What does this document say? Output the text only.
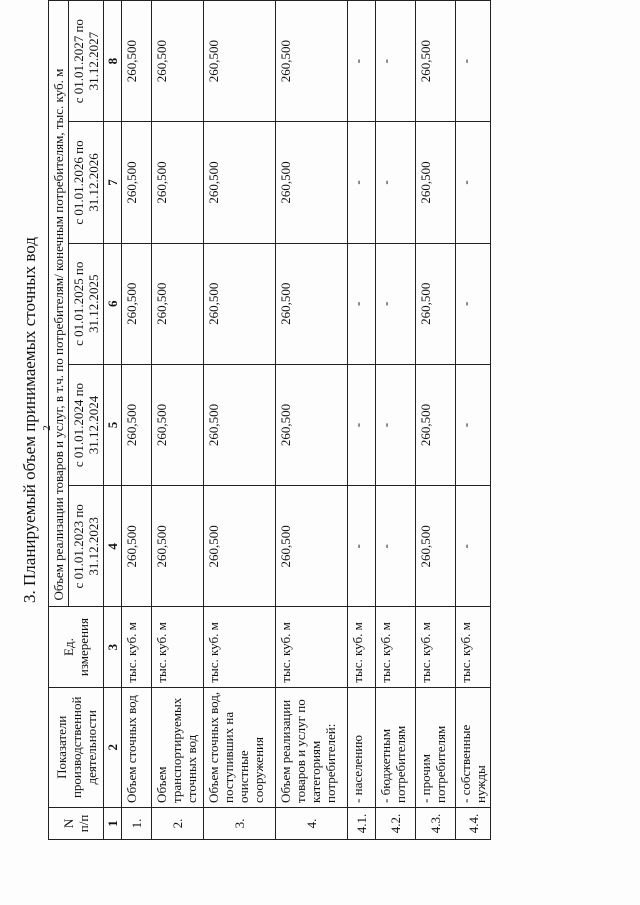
2
3. Планируемый объем принимаемых сточных вод
N п/п	Показатели производственной деятельности	Ед. измерения	Объем реализации товаров и услуг, в т.ч. по потребителям/ конечным потребителям, тыс. куб. м				
			с 01.01.2023 по 31.12.2023	с 01.01.2024 по 31.12.2024	с 01.01.2025 по 31.12.2025	с 01.01.2026 по 31.12.2026	с 01.01.2027 по 31.12.2027
1	2	3	4	5	6	7	8
1.	Объем сточных вод	тыс. куб. м	260,500	260,500	260,500	260,500	260,500
2.	Объем транспортируемых сточных вод	тыс. куб. м	260,500	260,500	260,500	260,500	260,500
3.	Объем сточных вод, поступивших на очистные сооружения	тыс. куб. м	260,500	260,500	260,500	260,500	260,500
4.	Объем реализации товаров и услуг по категориям потребителей:	тыс. куб. м	260,500	260,500	260,500	260,500	260,500
4.1.	- населению	тыс. куб. м	-	-	-	-	-
4.2.	- бюджетным потребителям	тыс. куб. м	-	-	-	-	-
4.3.	- прочим потребителям	тыс. куб. м	260,500	260,500	260,500	260,500	260,500
4.4.	- собственные нужды	тыс. куб. м	-	-	-	-	-
